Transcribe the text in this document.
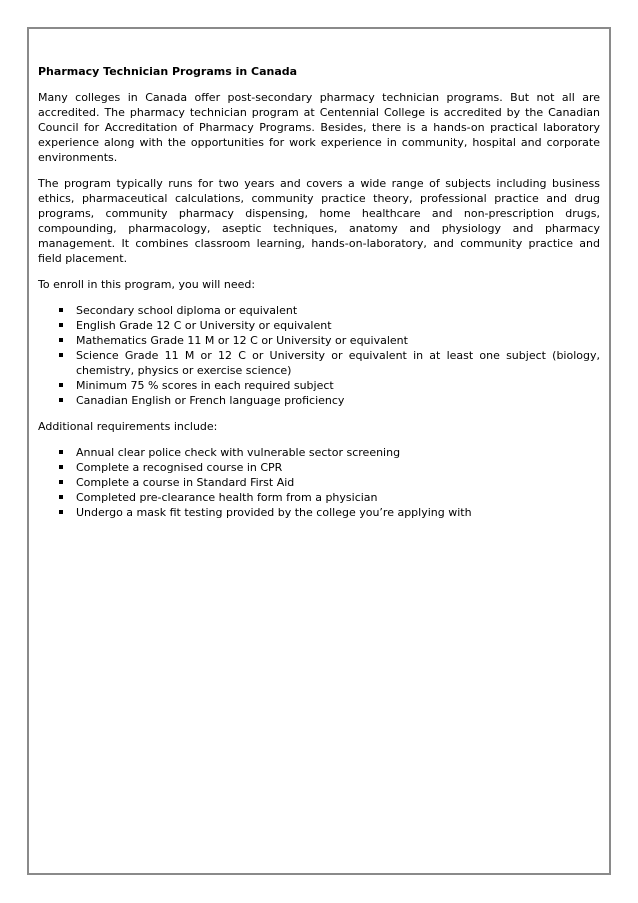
Pharmacy Technician Programs in Canada

Many colleges in Canada offer post-secondary pharmacy technician programs. But not all are accredited. The pharmacy technician program at Centennial College is accredited by the Canadian Council for Accreditation of Pharmacy Programs. Besides, there is a hands-on practical laboratory experience along with the opportunities for work experience in community, hospital and corporate environments.

The program typically runs for two years and covers a wide range of subjects including business ethics, pharmaceutical calculations, community practice theory, professional practice and drug programs, community pharmacy dispensing, home healthcare and non-prescription drugs, compounding, pharmacology, aseptic techniques, anatomy and physiology and pharmacy management. It combines classroom learning, hands-on-laboratory, and community practice and field placement.

To enroll in this program, you will need:

Secondary school diploma or equivalent
English Grade 12 C or University or equivalent
Mathematics Grade 11 M or 12 C or University or equivalent
Science Grade 11 M or 12 C or University or equivalent in at least one subject (biology, chemistry, physics or exercise science)
Minimum 75 % scores in each required subject
Canadian English or French language proficiency

Additional requirements include:

Annual clear police check with vulnerable sector screening
Complete a recognised course in CPR
Complete a course in Standard First Aid
Completed pre-clearance health form from a physician
Undergo a mask fit testing provided by the college you’re applying with
